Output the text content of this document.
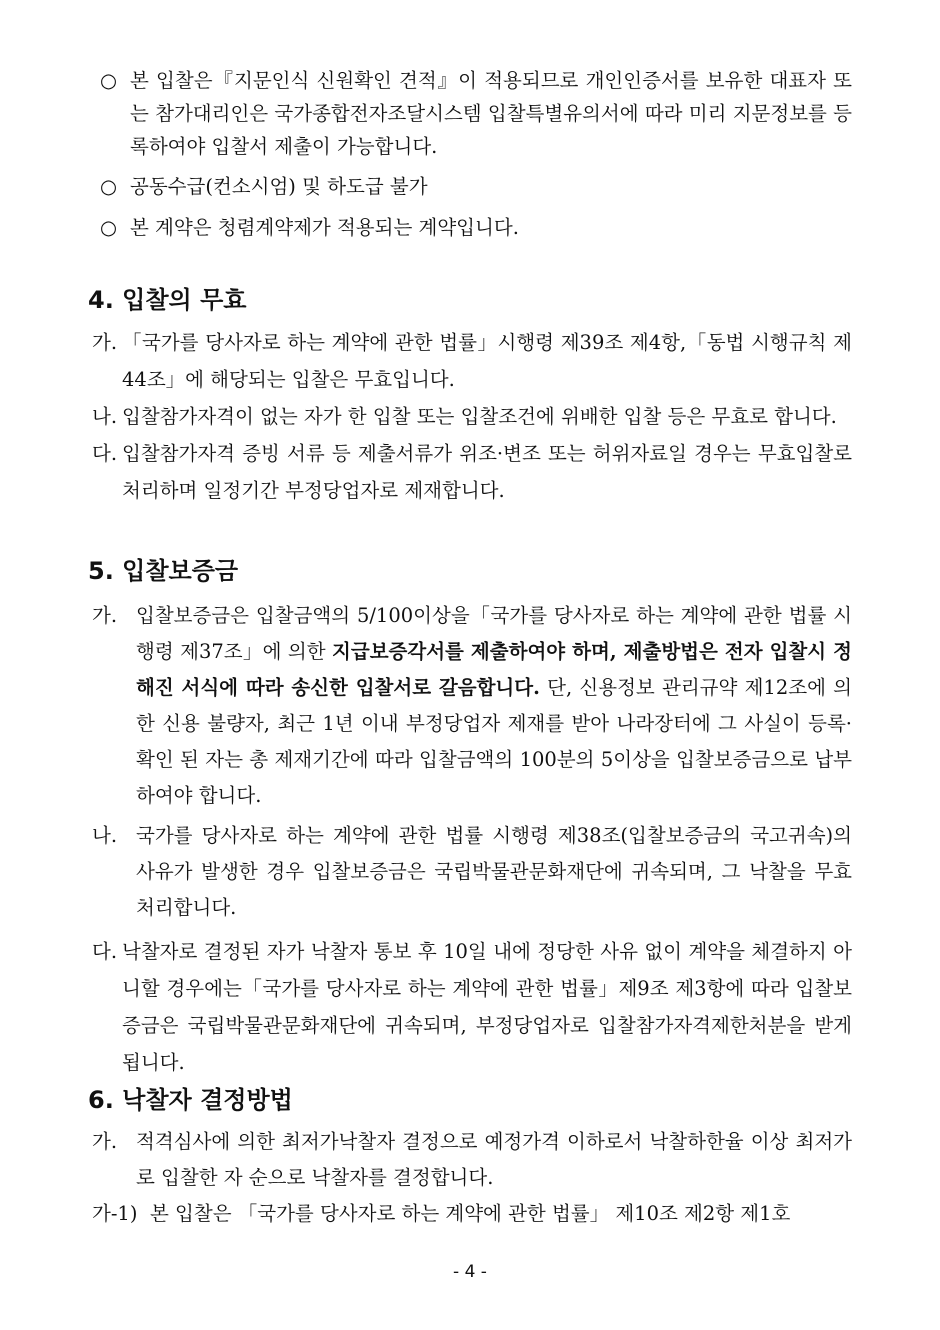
○ 본 입찰은『지문인식 신원확인 견적』이 적용되므로 개인인증서를 보유한 대표자 또는 참가대리인은 국가종합전자조달시스템 입찰특별유의서에 따라 미리 지문정보를 등록하여야 입찰서 제출이 가능합니다.
○ 공동수급(컨소시엄) 및 하도급 불가
○ 본 계약은 청렴계약제가 적용되는 계약입니다.
4. 입찰의 무효
가. 「국가를 당사자로 하는 계약에 관한 법률」시행령 제39조 제4항,「동법 시행규칙 제44조」에 해당되는 입찰은 무효입니다.
나. 입찰참가자격이 없는 자가 한 입찰 또는 입찰조건에 위배한 입찰 등은 무효로 합니다.
다. 입찰참가자격 증빙 서류 등 제출서류가 위조·변조 또는 허위자료일 경우는 무효입찰로 처리하며 일정기간 부정당업자로 제재합니다.
5. 입찰보증금
가. 입찰보증금은 입찰금액의 5/100이상을「국가를 당사자로 하는 계약에 관한 법률 시행령 제37조」에 의한 지급보증각서를 제출하여야 하며, 제출방법은 전자 입찰시 정해진 서식에 따라 송신한 입찰서로 갈음합니다. 단, 신용정보 관리규약 제12조에 의한 신용 불량자, 최근 1년 이내 부정당업자 제재를 받아 나라장터에 그 사실이 등록·확인 된 자는 총 제재기간에 따라 입찰금액의 100분의 5이상을 입찰보증금으로 납부하여야 합니다.
나. 국가를 당사자로 하는 계약에 관한 법률 시행령 제38조(입찰보증금의 국고귀속)의 사유가 발생한 경우 입찰보증금은 국립박물관문화재단에 귀속되며, 그 낙찰을 무효 처리합니다.
다. 낙찰자로 결정된 자가 낙찰자 통보 후 10일 내에 정당한 사유 없이 계약을 체결하지 아니할 경우에는「국가를 당사자로 하는 계약에 관한 법률」제9조 제3항에 따라 입찰보증금은 국립박물관문화재단에 귀속되며, 부정당업자로 입찰참가자격제한처분을 받게 됩니다.
6. 낙찰자 결정방법
가. 적격심사에 의한 최저가낙찰자 결정으로 예정가격 이하로서 낙찰하한율 이상 최저가로 입찰한 자 순으로 낙찰자를 결정합니다.
가-1) 본 입찰은 「국가를 당사자로 하는 계약에 관한 법률」 제10조 제2항 제1호
- 4 -
